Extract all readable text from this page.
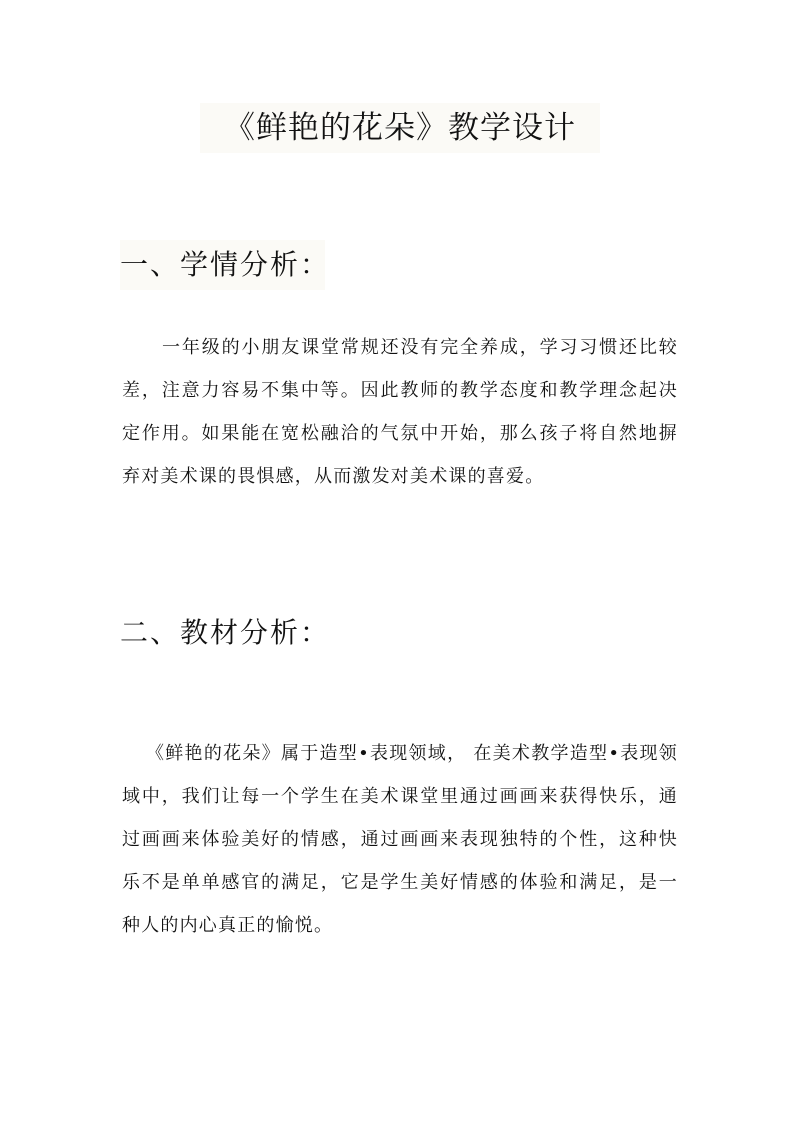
《鲜艳的花朵》教学设计
一、学情分析：

一年级的小朋友课堂常规还没有完全养成，学习习惯还比较差，注意力容易不集中等。因此教师的教学态度和教学理念起决定作用。如果能在宽松融洽的气氛中开始，那么孩子将自然地摒弃对美术课的畏惧感，从而激发对美术课的喜爱。

二、教材分析：

《鲜艳的花朵》属于造型•表现领域， 在美术教学造型•表现领域中，我们让每一个学生在美术课堂里通过画画来获得快乐，通过画画来体验美好的情感，通过画画来表现独特的个性，这种快乐不是单单感官的满足，它是学生美好情感的体验和满足，是一种人的内心真正的愉悦。
